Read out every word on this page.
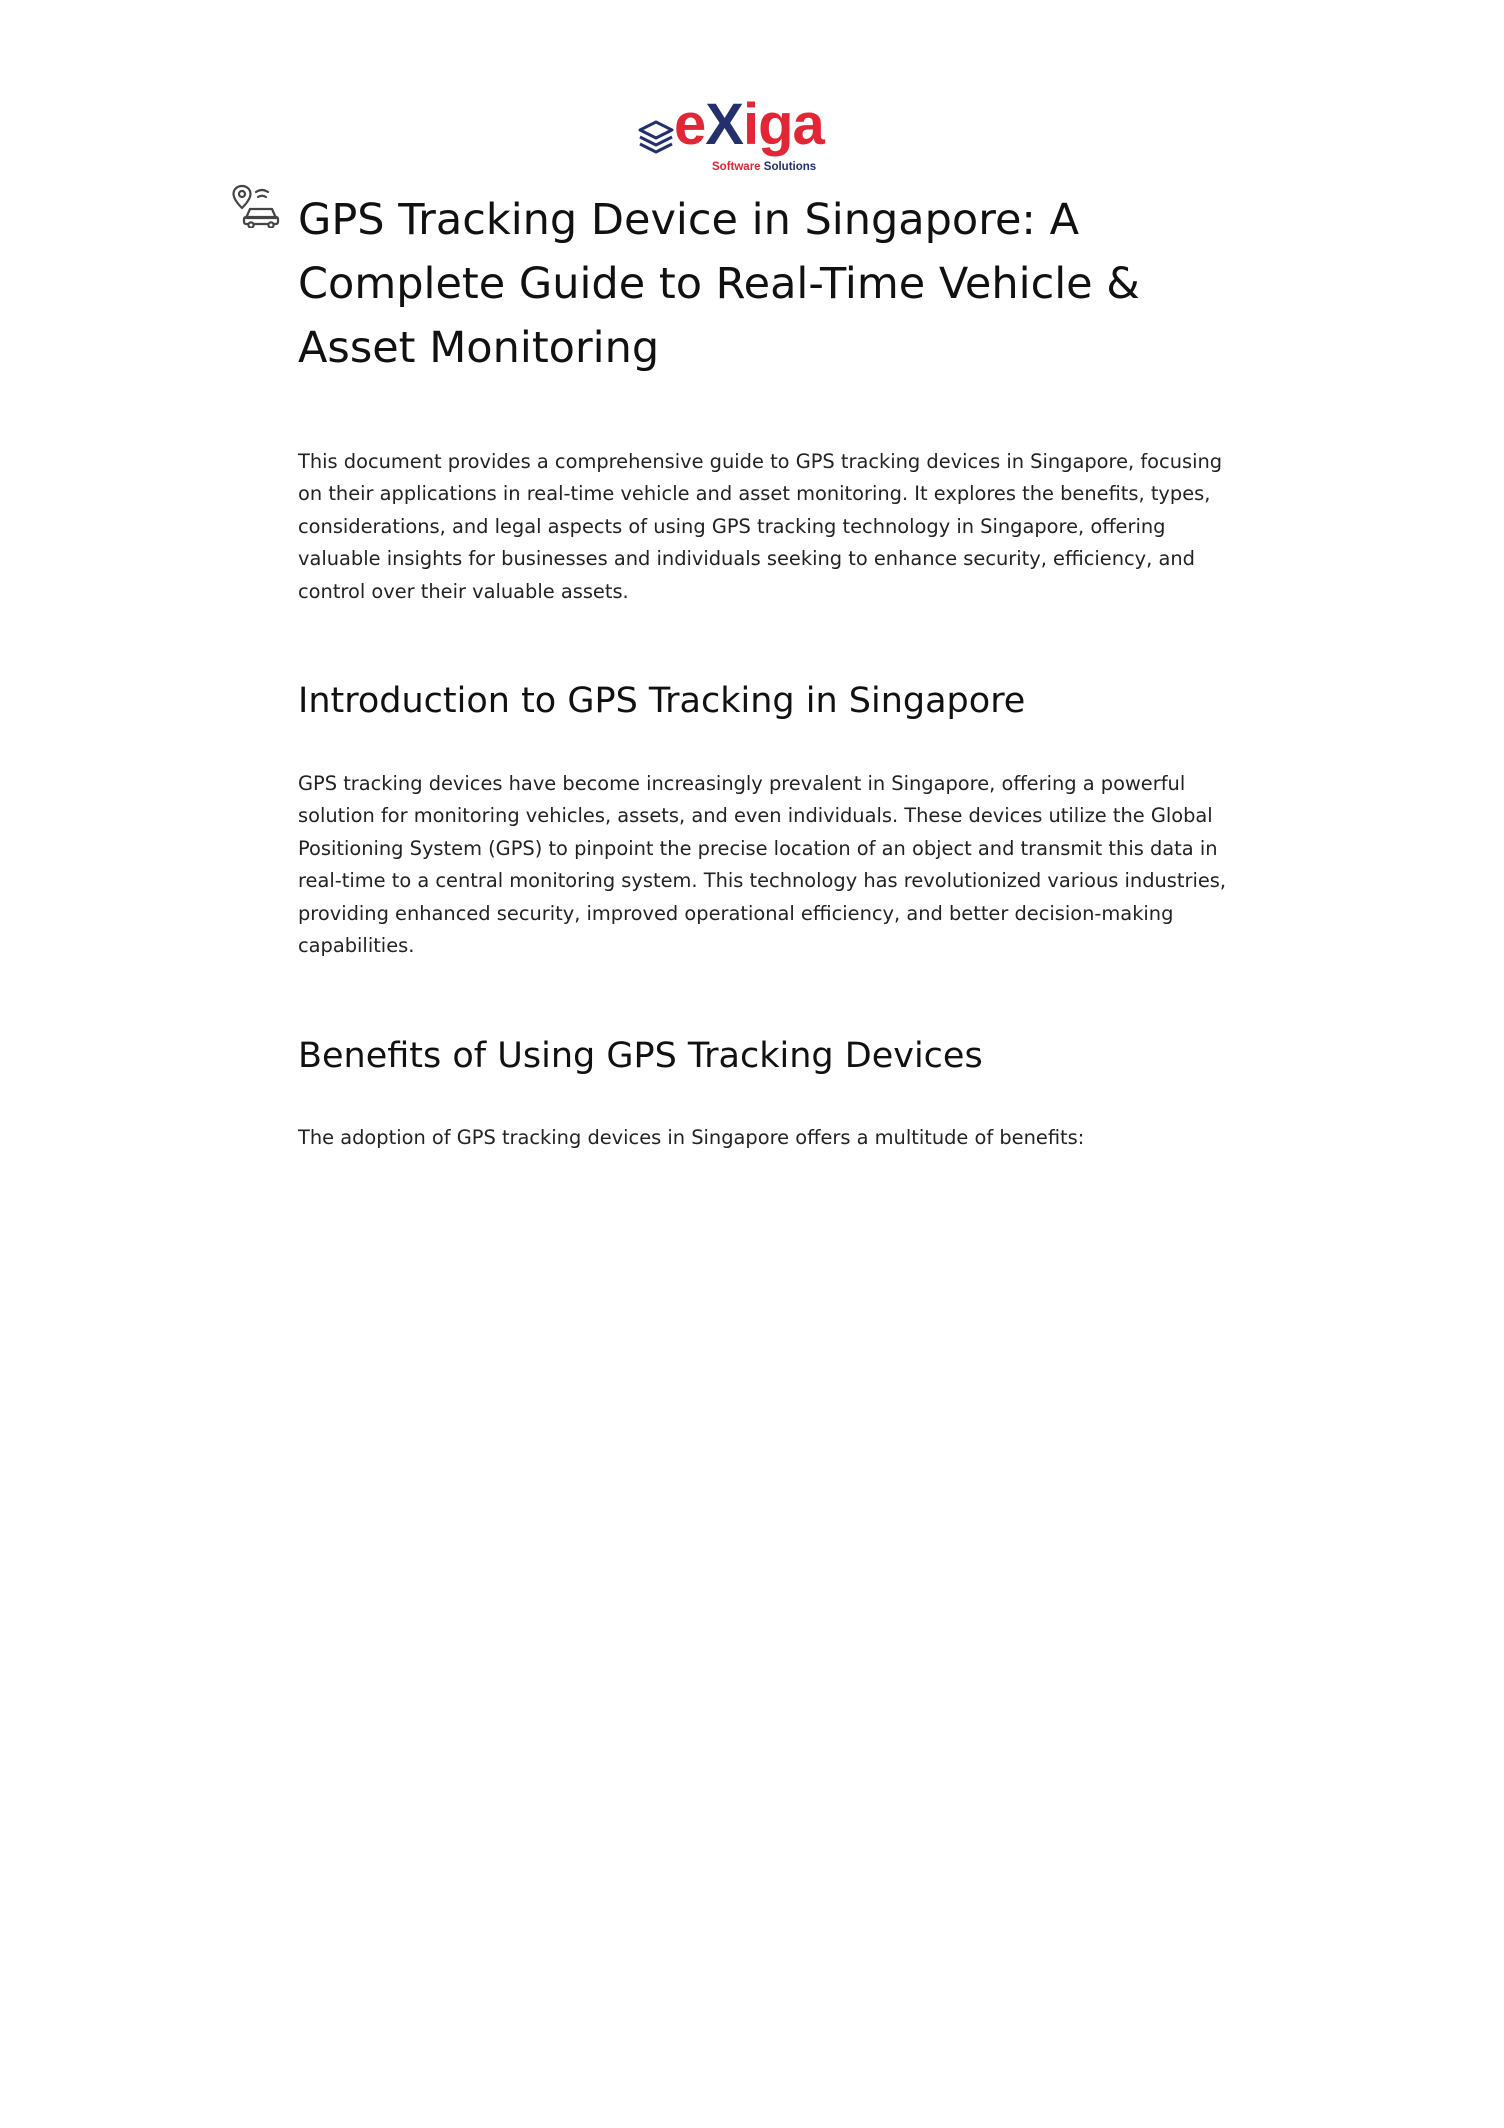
eXiga
Software Solutions
GPS Tracking Device in Singapore: A Complete Guide to Real-Time Vehicle & Asset Monitoring

This document provides a comprehensive guide to GPS tracking devices in Singapore, focusing on their applications in real-time vehicle and asset monitoring. It explores the benefits, types, considerations, and legal aspects of using GPS tracking technology in Singapore, offering valuable insights for businesses and individuals seeking to enhance security, efficiency, and control over their valuable assets.

Introduction to GPS Tracking in Singapore

GPS tracking devices have become increasingly prevalent in Singapore, offering a powerful solution for monitoring vehicles, assets, and even individuals. These devices utilize the Global Positioning System (GPS) to pinpoint the precise location of an object and transmit this data in real-time to a central monitoring system. This technology has revolutionized various industries, providing enhanced security, improved operational efficiency, and better decision-making capabilities.

Benefits of Using GPS Tracking Devices

The adoption of GPS tracking devices in Singapore offers a multitude of benefits:
